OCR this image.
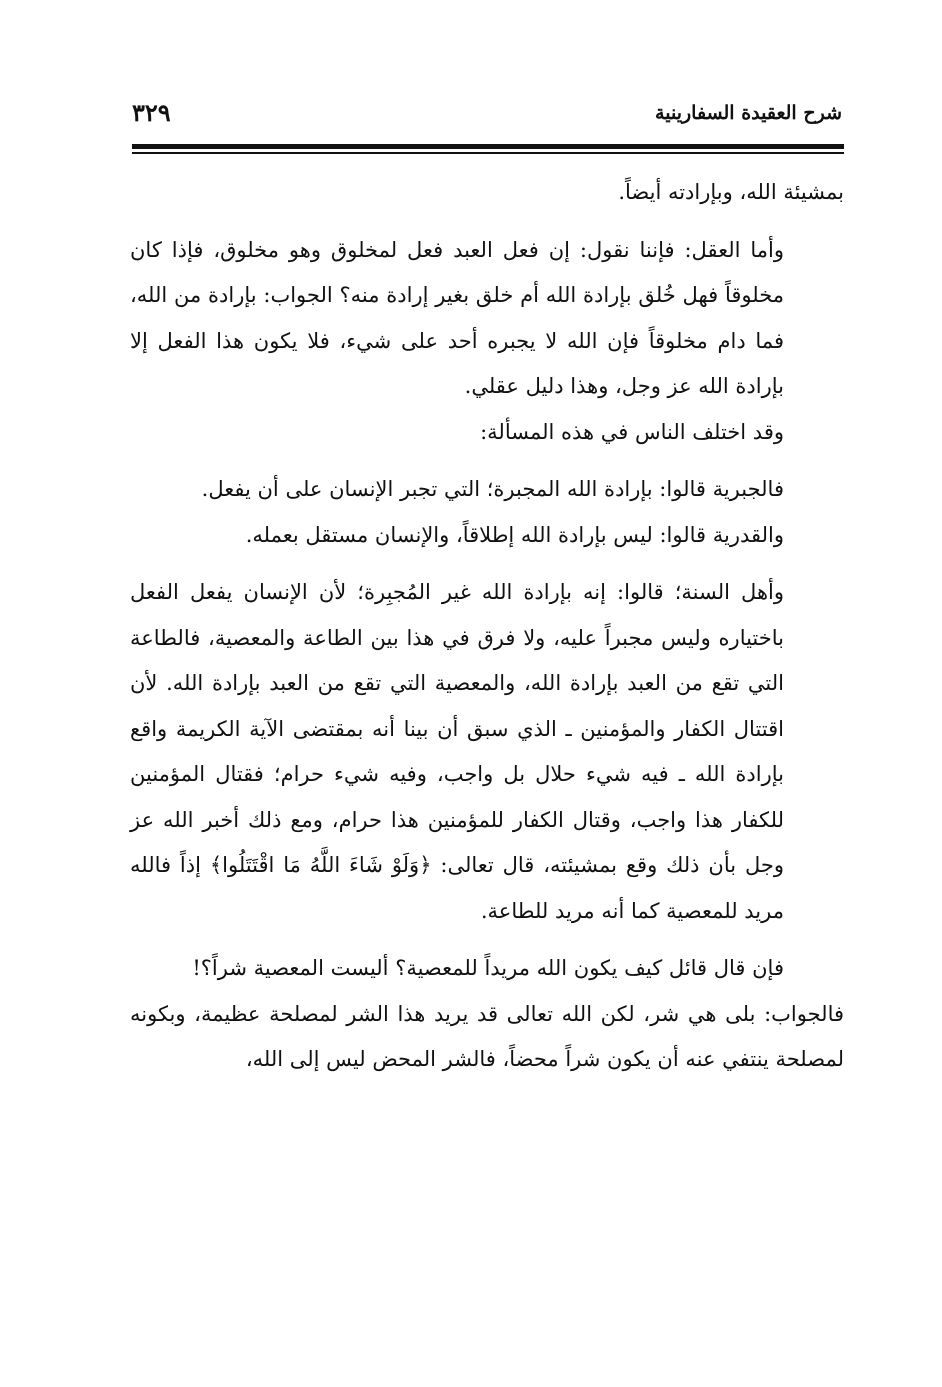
شرح العقيدة السفارينية
٣٢٩

بمشيئة الله، وبإرادته أيضاً.

وأما العقل: فإننا نقول: إن فعل العبد فعل لمخلوق وهو مخلوق، فإذا كان مخلوقاً فهل خُلق بإرادة الله أم خلق بغير إرادة منه؟ الجواب: بإرادة من الله، فما دام مخلوقاً فإن الله لا يجبره أحد على شيء، فلا يكون هذا الفعل إلا بإرادة الله عز وجل، وهذا دليل عقلي.

وقد اختلف الناس في هذه المسألة:

فالجبرية قالوا: بإرادة الله المجبرة؛ التي تجبر الإنسان على أن يفعل.

والقدرية قالوا: ليس بإرادة الله إطلاقاً، والإنسان مستقل بعمله.

وأهل السنة؛ قالوا: إنه بإرادة الله غير المُجبِرة؛ لأن الإنسان يفعل الفعل باختياره وليس مجبراً عليه، ولا فرق في هذا بين الطاعة والمعصية، فالطاعة التي تقع من العبد بإرادة الله، والمعصية التي تقع من العبد بإرادة الله. لأن اقتتال الكفار والمؤمنين ـ الذي سبق أن بينا أنه بمقتضى الآية الكريمة واقع بإرادة الله ـ فيه شيء حلال بل واجب، وفيه شيء حرام؛ فقتال المؤمنين للكفار هذا واجب، وقتال الكفار للمؤمنين هذا حرام، ومع ذلك أخبر الله عز وجل بأن ذلك وقع بمشيئته، قال تعالى: ﴿وَلَوْ شَاءَ اللَّهُ مَا اقْتَتَلُوا﴾ إذاً فالله مريد للمعصية كما أنه مريد للطاعة.

فإن قال قائل كيف يكون الله مريداً للمعصية؟ أليست المعصية شراً؟!

فالجواب: بلى هي شر، لكن الله تعالى قد يريد هذا الشر لمصلحة عظيمة، وبكونه لمصلحة ينتفي عنه أن يكون شراً محضاً، فالشر المحض ليس إلى الله،
